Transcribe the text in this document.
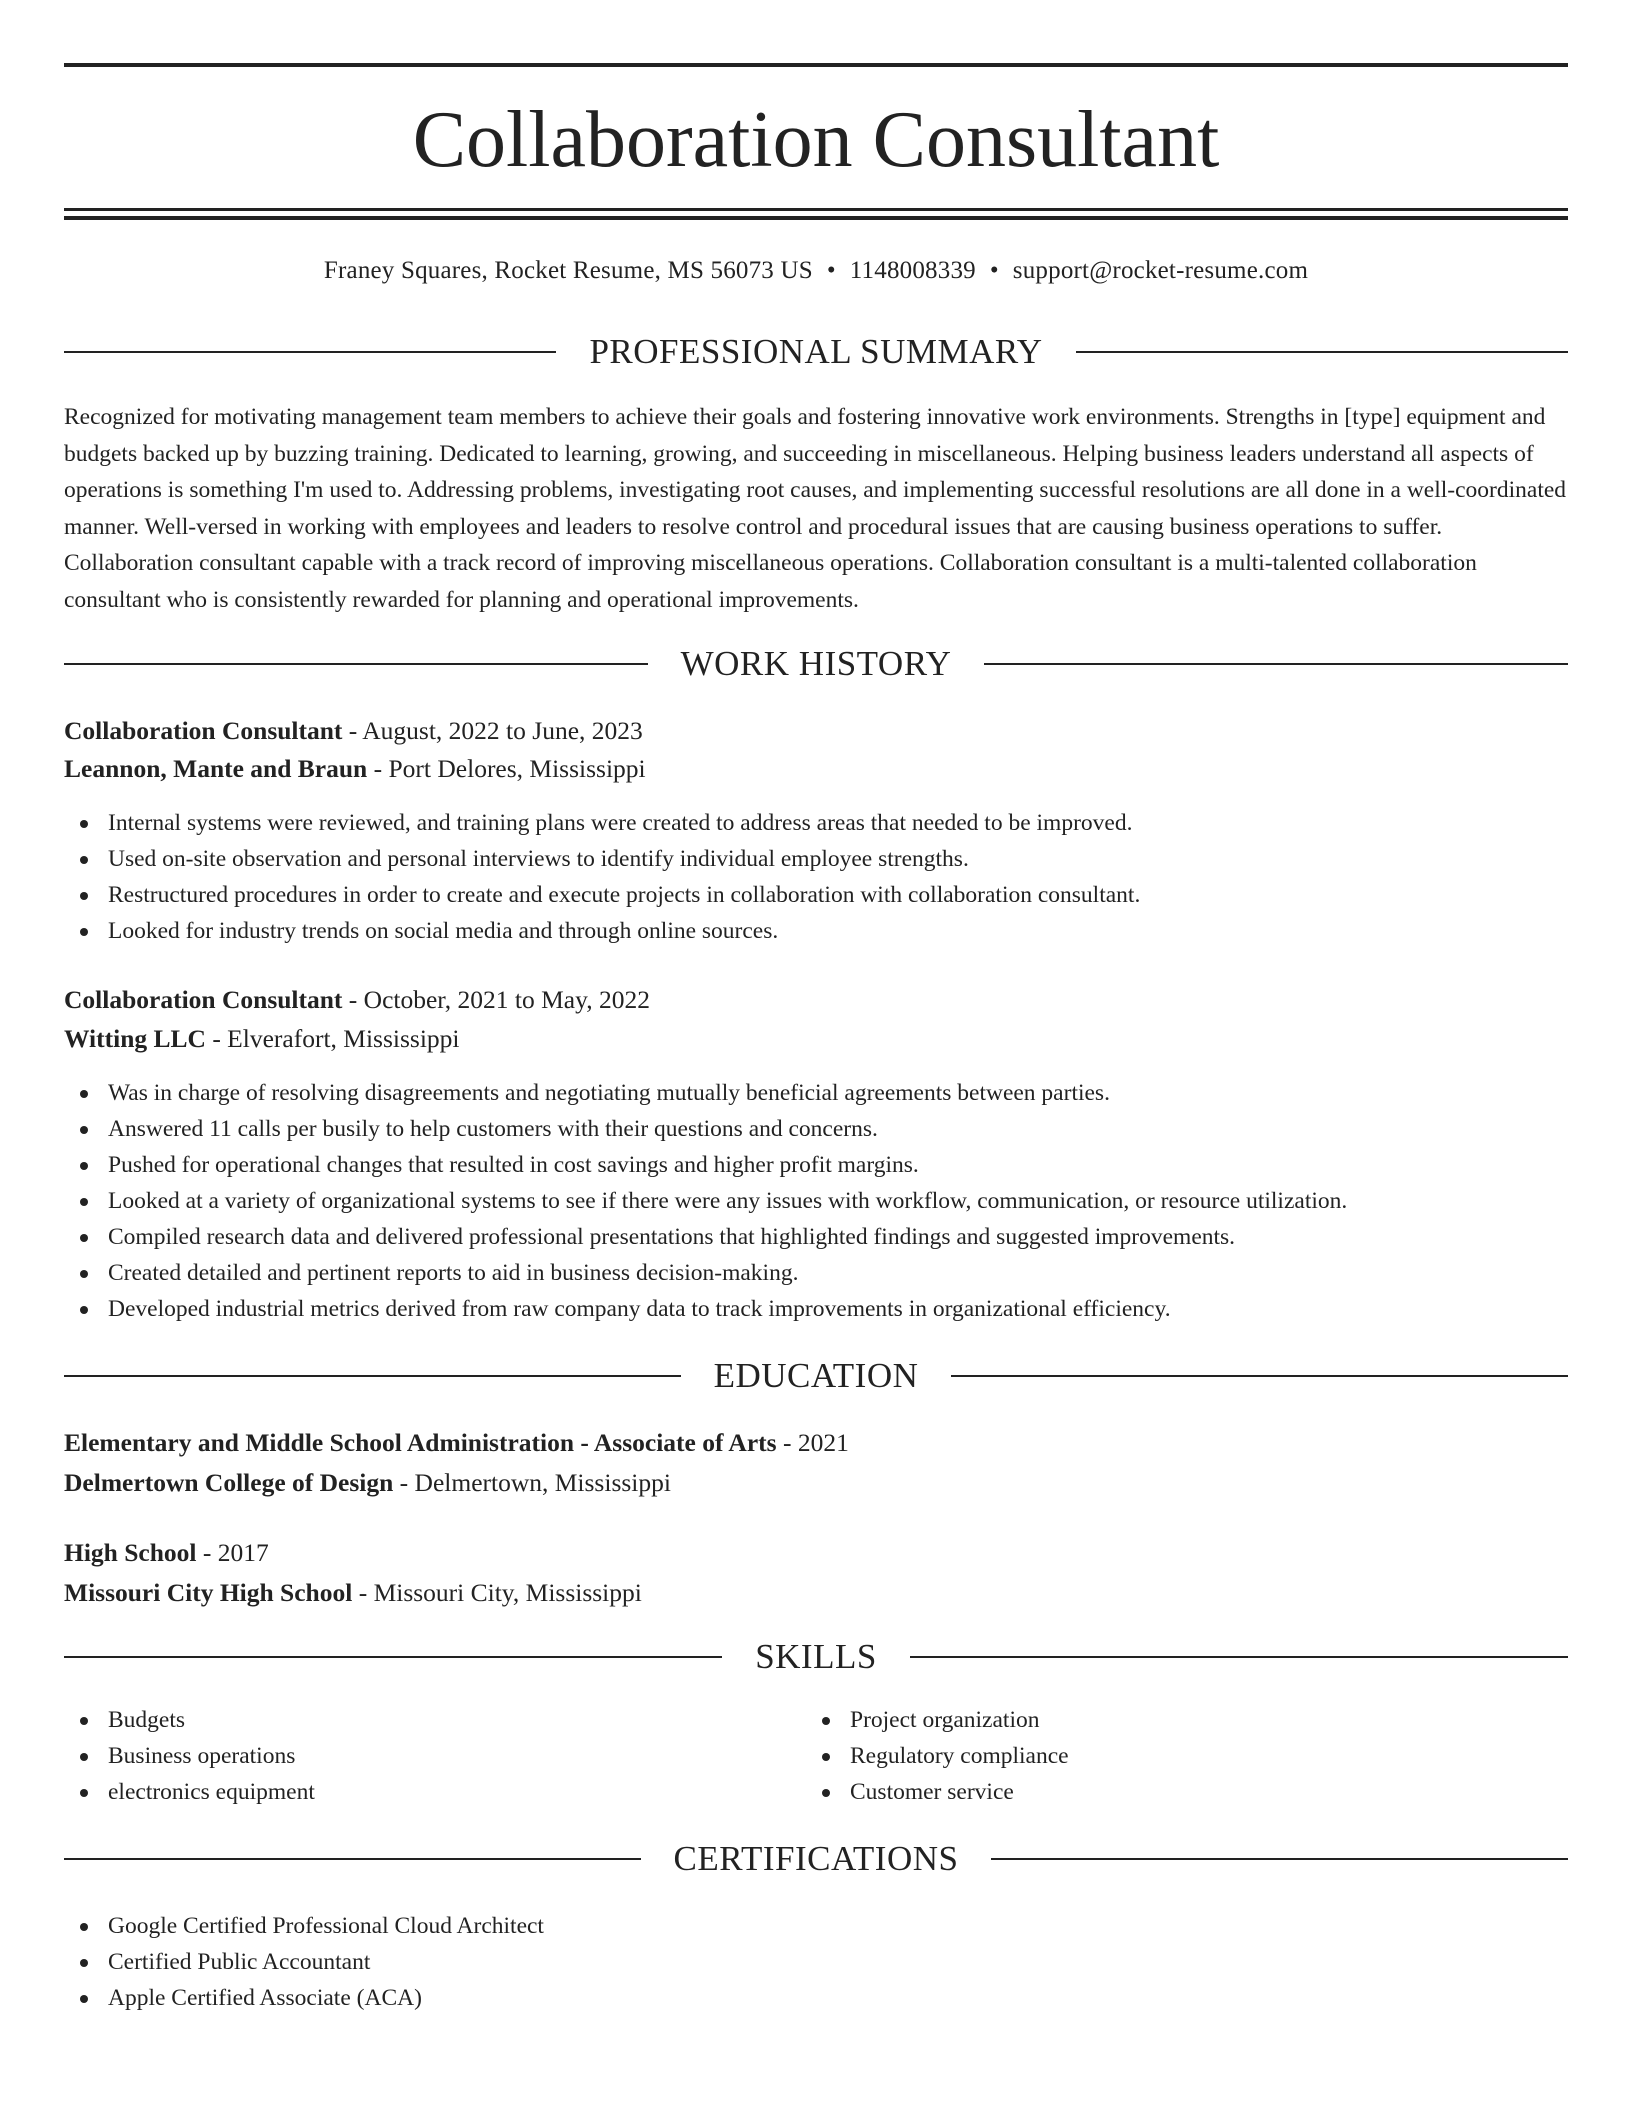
Collaboration Consultant
Franey Squares, Rocket Resume, MS 56073 US • 1148008339 • support@rocket-resume.com
PROFESSIONAL SUMMARY

Recognized for motivating management team members to achieve their goals and fostering innovative work environments. Strengths in [type] equipment and budgets backed up by buzzing training. Dedicated to learning, growing, and succeeding in miscellaneous. Helping business leaders understand all aspects of operations is something I'm used to. Addressing problems, investigating root causes, and implementing successful resolutions are all done in a well-coordinated manner. Well-versed in working with employees and leaders to resolve control and procedural issues that are causing business operations to suffer. Collaboration consultant capable with a track record of improving miscellaneous operations. Collaboration consultant is a multi-talented collaboration consultant who is consistently rewarded for planning and operational improvements.

WORK HISTORY
Collaboration Consultant - August, 2022 to June, 2023
Leannon, Mante and Braun - Port Delores, Mississippi
Internal systems were reviewed, and training plans were created to address areas that needed to be improved.
Used on-site observation and personal interviews to identify individual employee strengths.
Restructured procedures in order to create and execute projects in collaboration with collaboration consultant.
Looked for industry trends on social media and through online sources.
Collaboration Consultant - October, 2021 to May, 2022
Witting LLC - Elverafort, Mississippi
Was in charge of resolving disagreements and negotiating mutually beneficial agreements between parties.
Answered 11 calls per busily to help customers with their questions and concerns.
Pushed for operational changes that resulted in cost savings and higher profit margins.
Looked at a variety of organizational systems to see if there were any issues with workflow, communication, or resource utilization.
Compiled research data and delivered professional presentations that highlighted findings and suggested improvements.
Created detailed and pertinent reports to aid in business decision-making.
Developed industrial metrics derived from raw company data to track improvements in organizational efficiency.
EDUCATION
Elementary and Middle School Administration - Associate of Arts - 2021
Delmertown College of Design - Delmertown, Mississippi
High School - 2017
Missouri City High School - Missouri City, Mississippi
SKILLS
Budgets
Business operations
electronics equipment
Project organization
Regulatory compliance
Customer service
CERTIFICATIONS
Google Certified Professional Cloud Architect
Certified Public Accountant
Apple Certified Associate (ACA)
